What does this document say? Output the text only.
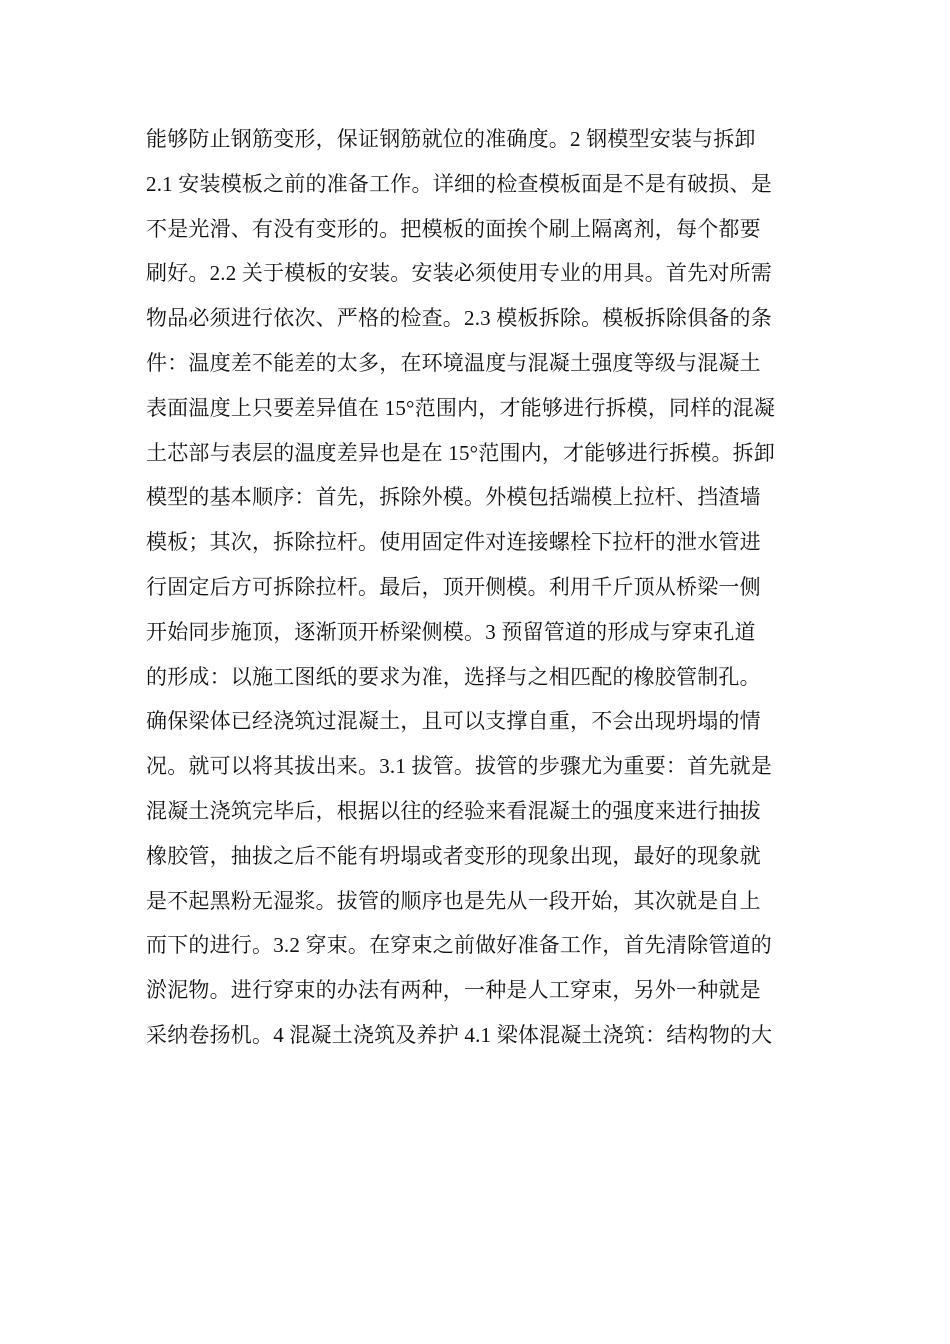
能够防止钢筋变形，保证钢筋就位的准确度。2 钢模型安装与拆卸
2.1 安装模板之前的准备工作。详细的检查模板面是不是有破损、是
不是光滑、有没有变形的。把模板的面挨个刷上隔离剂，每个都要
刷好。2.2 关于模板的安装。安装必须使用专业的用具。首先对所需
物品必须进行依次、严格的检查。2.3 模板拆除。模板拆除俱备的条
件：温度差不能差的太多，在环境温度与混凝土强度等级与混凝土
表面温度上只要差异值在 15°范围内，才能够进行拆模，同样的混凝
土芯部与表层的温度差异也是在 15°范围内，才能够进行拆模。拆卸
模型的基本顺序：首先，拆除外模。外模包括端模上拉杆、挡渣墙
模板；其次，拆除拉杆。使用固定件对连接螺栓下拉杆的泄水管进
行固定后方可拆除拉杆。最后，顶开侧模。利用千斤顶从桥梁一侧
开始同步施顶，逐渐顶开桥梁侧模。3 预留管道的形成与穿束孔道
的形成：以施工图纸的要求为准，选择与之相匹配的橡胶管制孔。
确保梁体已经浇筑过混凝土，且可以支撑自重，不会出现坍塌的情
况。就可以将其拔出来。3.1 拔管。拔管的步骤尤为重要：首先就是
混凝土浇筑完毕后，根据以往的经验来看混凝土的强度来进行抽拔
橡胶管，抽拔之后不能有坍塌或者变形的现象出现，最好的现象就
是不起黑粉无湿浆。拔管的顺序也是先从一段开始，其次就是自上
而下的进行。3.2 穿束。在穿束之前做好准备工作，首先清除管道的
淤泥物。进行穿束的办法有两种，一种是人工穿束，另外一种就是
采纳卷扬机。4 混凝土浇筑及养护 4.1 梁体混凝土浇筑：结构物的大
